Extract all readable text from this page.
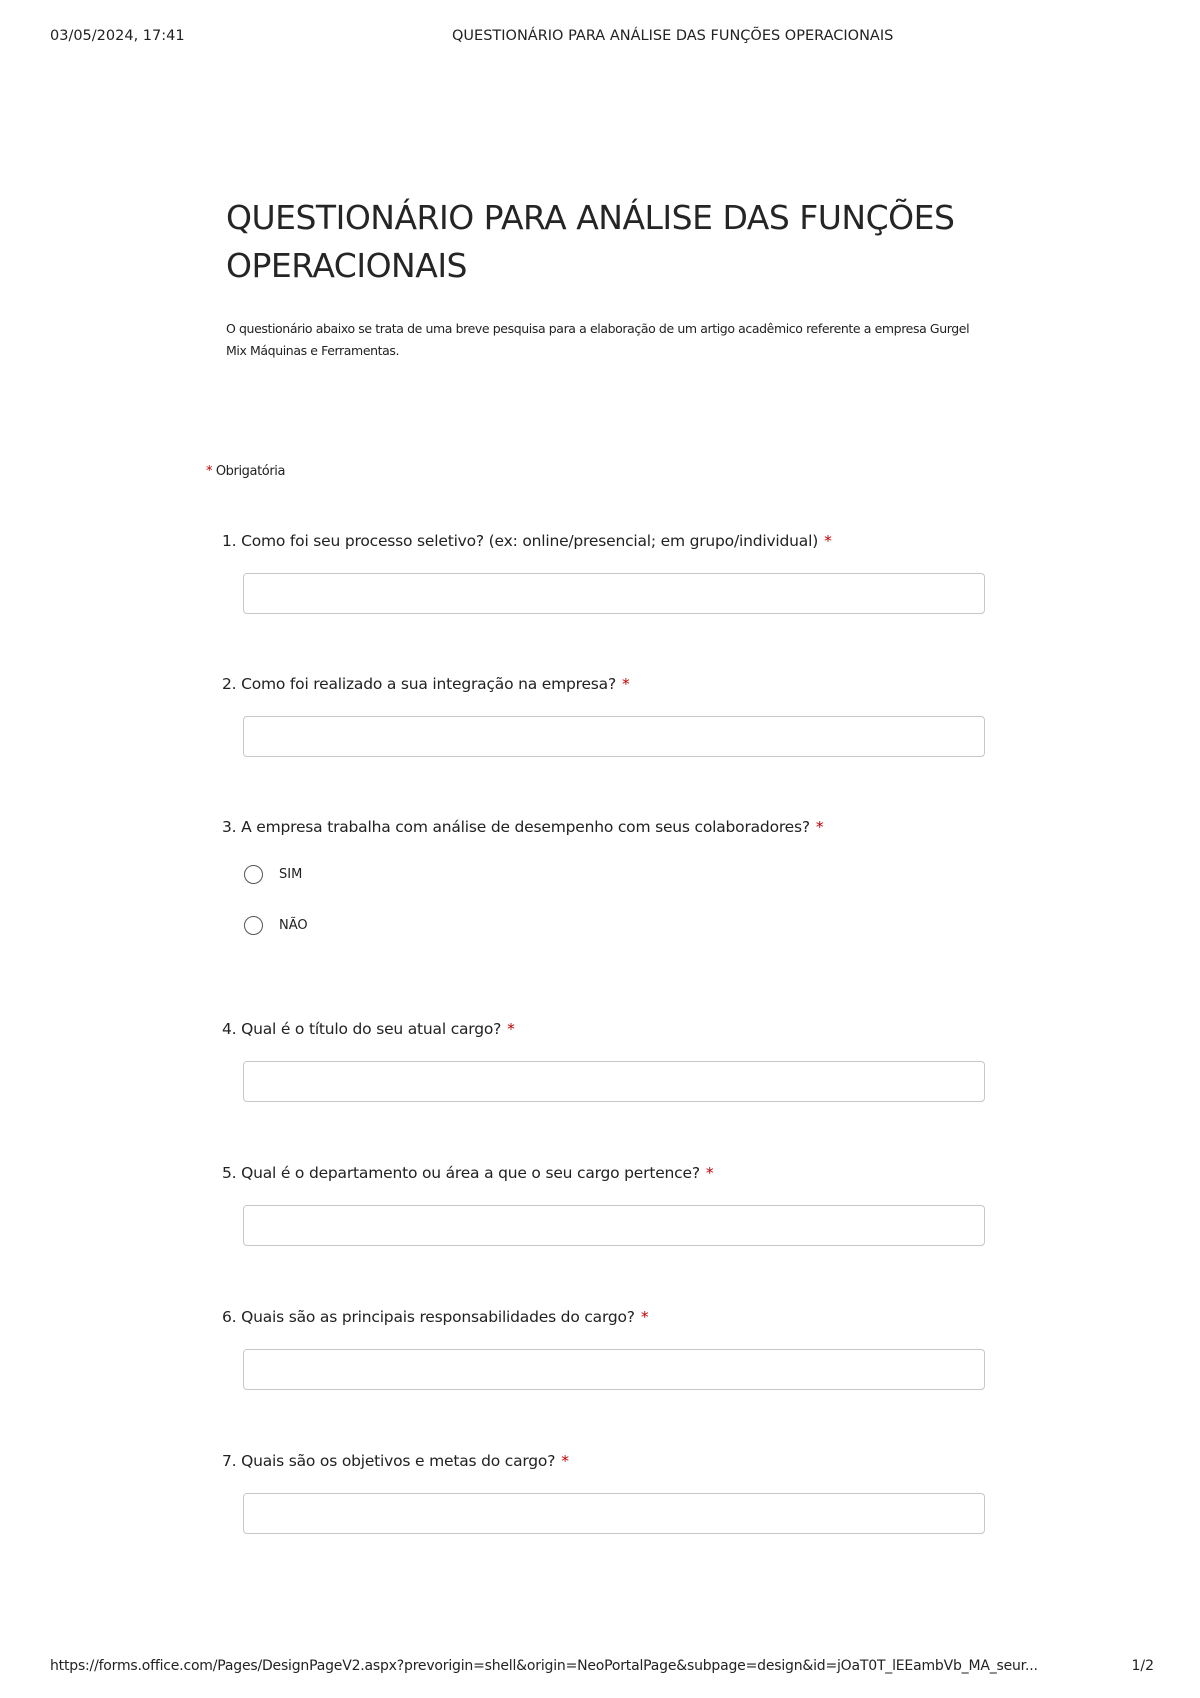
03/05/2024, 17:41	QUESTIONÁRIO PARA ANÁLISE DAS FUNÇÕES OPERACIONAIS
QUESTIONÁRIO PARA ANÁLISE DAS FUNÇÕES OPERACIONAIS

O questionário abaixo se trata de uma breve pesquisa para a elaboração de um artigo acadêmico referente a empresa Gurgel Mix Máquinas e Ferramentas.

* Obrigatória
1. Como foi seu processo seletivo? (ex: online/presencial; em grupo/individual) *
2. Como foi realizado a sua integração na empresa? *
3. A empresa trabalha com análise de desempenho com seus colaboradores? *
SIM
NÃO
4. Qual é o título do seu atual cargo? *
5. Qual é o departamento ou área a que o seu cargo pertence? *
6. Quais são as principais responsabilidades do cargo? *
7. Quais são os objetivos e metas do cargo? *
https://forms.office.com/Pages/DesignPageV2.aspx?prevorigin=shell&origin=NeoPortalPage&subpage=design&id=jOaT0T_lEEambVb_MA_seur...	1/2
